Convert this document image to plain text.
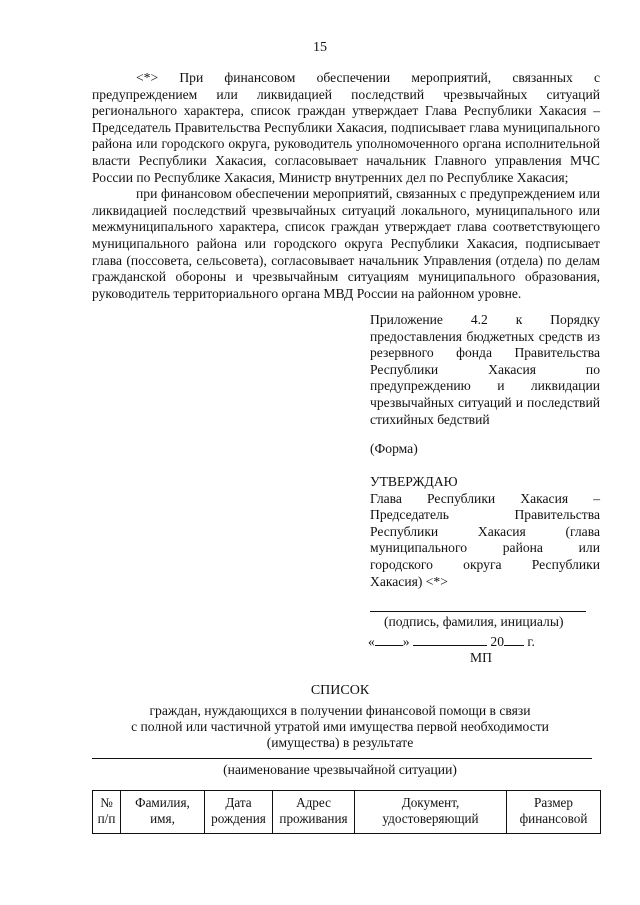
15

<*> При финансовом обеспечении мероприятий, связанных с предупреждением или ликвидацией последствий чрезвычайных ситуаций регионального характера, список граждан утверждает Глава Республики Хакасия – Председатель Правительства Республики Хакасия, подписывает глава муниципального района или городского округа, руководитель уполномоченного органа исполнительной власти Республики Хакасия, согласовывает начальник Главного управления МЧС России по Республике Хакасия, Министр внутренних дел по Республике Хакасия;

при финансовом обеспечении мероприятий, связанных с предупреждением или ликвидацией последствий чрезвычайных ситуаций локального, муниципального или межмуниципального характера, список граждан утверждает глава соответствующего муниципального района или городского округа Республики Хакасия, подписывает глава (поссовета, сельсовета), согласовывает начальник Управления (отдела) по делам гражданской обороны и чрезвычайным ситуациям муниципального образования, руководитель территориального органа МВД России на районном уровне.

Приложение 4.2 к Порядку предоставления бюджетных средств из резервного фонда Правительства Республики Хакасия по предупреждению и ликвидации чрезвычайных ситуаций и последствий стихийных бедствий

(Форма)

УТВЕРЖДАЮ

Глава Республики Хакасия – Председатель Правительства Республики Хакасия (глава муниципального района или городского округа Республики Хакасия) <*>

(подпись, фамилия, инициалы)
« »	20 г.
МП
СПИСОК
граждан, нуждающихся в получении финансовой помощи в связи
с полной или частичной утратой ими имущества первой необходимости
(имущества) в результате
(наименование чрезвычайной ситуации)
№ п/п	Фамилия, имя,	Дата рождения	Адрес проживания	Документ, удостоверяющий	Размер финансовой
